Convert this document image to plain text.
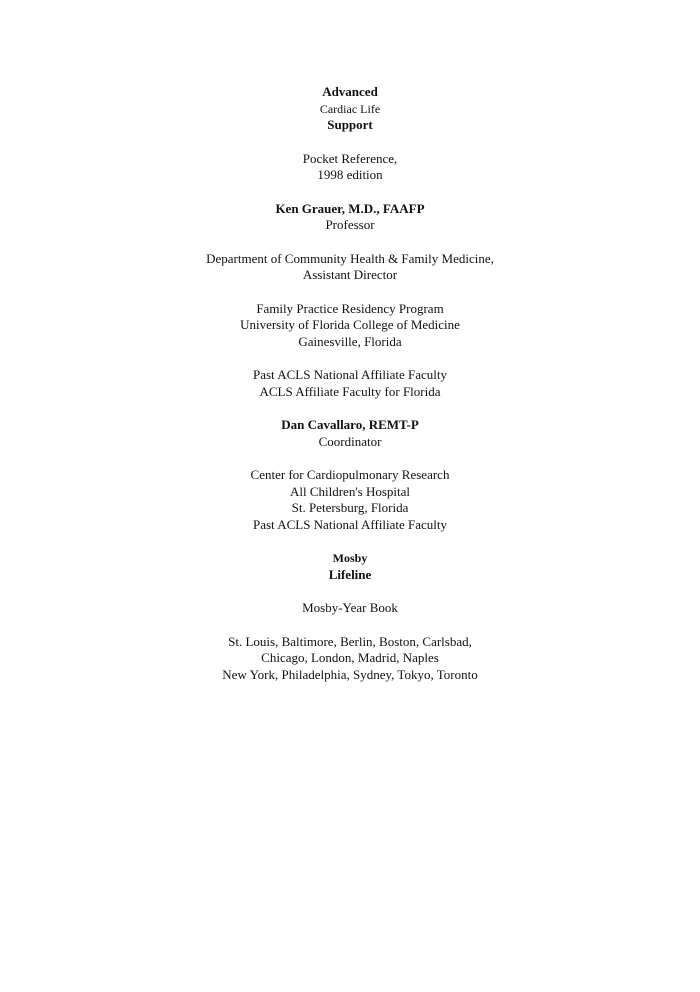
Advanced
Cardiac Life
Support
Pocket Reference,
1998 edition
Ken Grauer, M.D., FAAFP
Professor
Department of Community Health & Family Medicine,
Assistant Director
Family Practice Residency Program
University of Florida College of Medicine
Gainesville, Florida
Past ACLS National Affiliate Faculty
ACLS Affiliate Faculty for Florida
Dan Cavallaro, REMT-P
Coordinator
Center for Cardiopulmonary Research
All Children's Hospital
St. Petersburg, Florida
Past ACLS National Affiliate Faculty
Mosby
Lifeline
Mosby-Year Book
St. Louis, Baltimore, Berlin, Boston, Carlsbad,
Chicago, London, Madrid, Naples
New York, Philadelphia, Sydney, Tokyo, Toronto
